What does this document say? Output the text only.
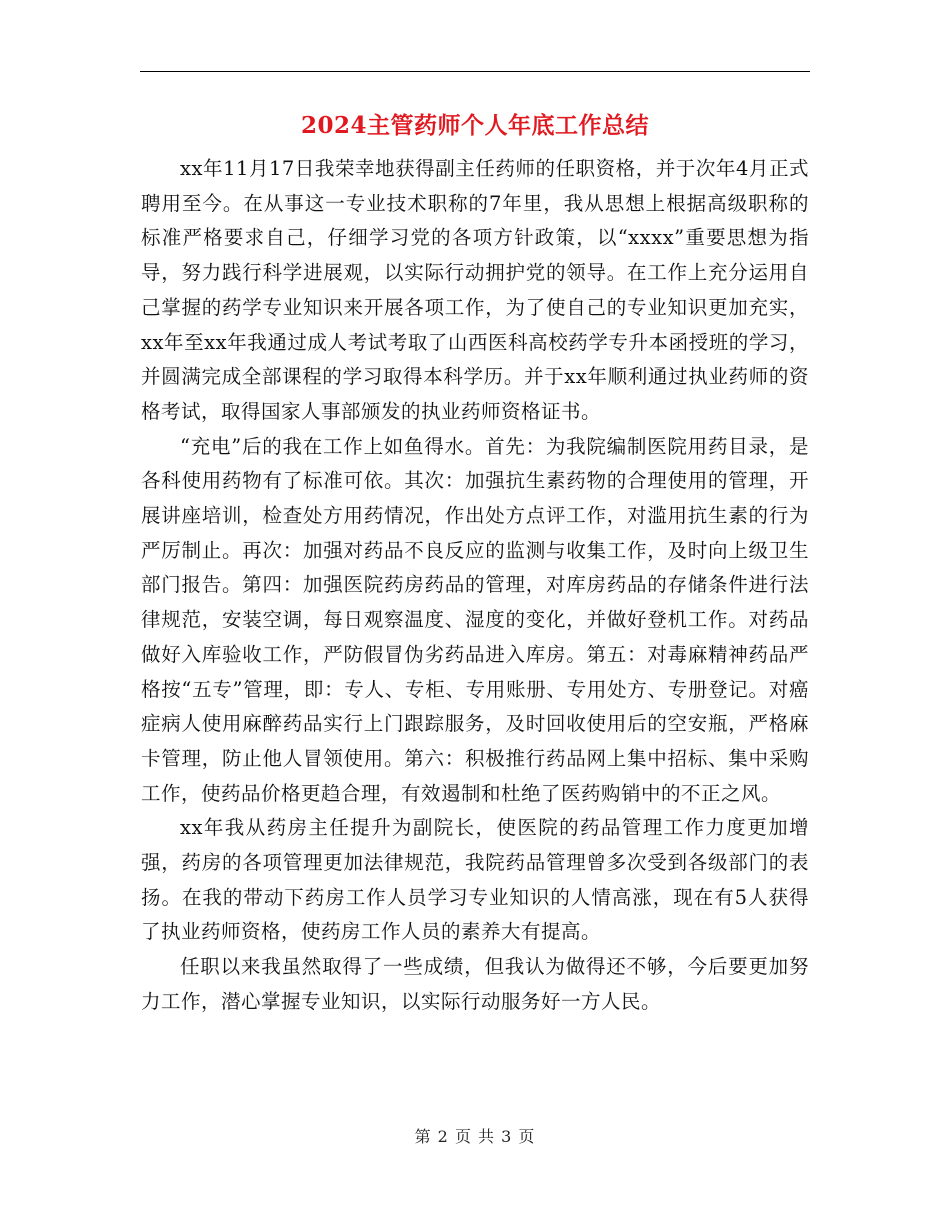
2024主管药师个人年底工作总结

xx年11月17日我荣幸地获得副主任药师的任职资格，并于次年4月正式聘用至今。在从事这一专业技术职称的7年里，我从思想上根据高级职称的标准严格要求自己，仔细学习党的各项方针政策，以“xxxx”重要思想为指导，努力践行科学进展观，以实际行动拥护党的领导。在工作上充分运用自己掌握的药学专业知识来开展各项工作，为了使自己的专业知识更加充实，xx年至xx年我通过成人考试考取了山西医科高校药学专升本函授班的学习，并圆满完成全部课程的学习取得本科学历。并于xx年顺利通过执业药师的资格考试，取得国家人事部颁发的执业药师资格证书。

“充电”后的我在工作上如鱼得水。首先：为我院编制医院用药目录，是各科使用药物有了标准可依。其次：加强抗生素药物的合理使用的管理，开展讲座培训，检查处方用药情况，作出处方点评工作，对滥用抗生素的行为严厉制止。再次：加强对药品不良反应的监测与收集工作，及时向上级卫生部门报告。第四：加强医院药房药品的管理，对库房药品的存储条件进行法律规范，安装空调，每日观察温度、湿度的变化，并做好登机工作。对药品做好入库验收工作，严防假冒伪劣药品进入库房。第五：对毒麻精神药品严格按“五专”管理，即：专人、专柜、专用账册、专用处方、专册登记。对癌症病人使用麻醉药品实行上门跟踪服务，及时回收使用后的空安瓶，严格麻卡管理，防止他人冒领使用。第六：积极推行药品网上集中招标、集中采购工作，使药品价格更趋合理，有效遏制和杜绝了医药购销中的不正之风。

xx年我从药房主任提升为副院长，使医院的药品管理工作力度更加增强，药房的各项管理更加法律规范，我院药品管理曾多次受到各级部门的表扬。在我的带动下药房工作人员学习专业知识的人情高涨，现在有5人获得了执业药师资格，使药房工作人员的素养大有提高。

任职以来我虽然取得了一些成绩，但我认为做得还不够，今后要更加努力工作，潜心掌握专业知识，以实际行动服务好一方人民。

第 2 页 共 3 页
